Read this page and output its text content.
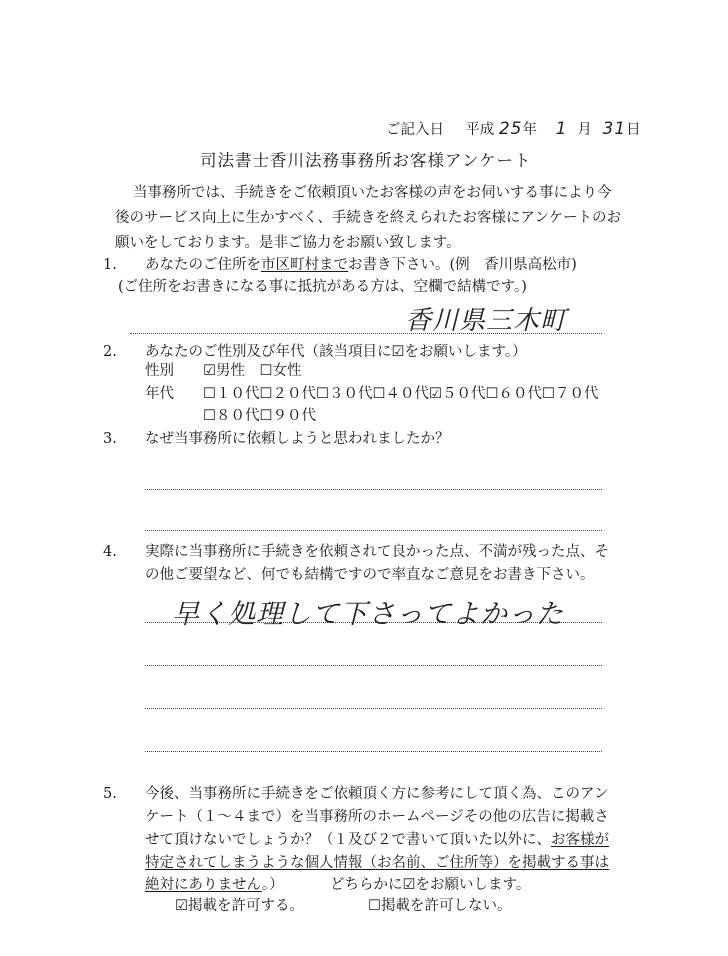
ご記入日 平成 25年 1 月 31日
司法書士香川法務事務所お客様アンケート
当事務所では、手続きをご依頼頂いたお客様の声をお伺いする事により今
後のサービス向上に生かすべく、手続きを終えられたお客様にアンケートのお
願いをしております。是非ご協力をお願い致します。
1. あなたのご住所を市区町村までお書き下さい。(例　香川県高松市)
(ご住所をお書きになる事に抵抗がある方は、空欄で結構です。)
香川県三木町
2. あなたのご性別及び年代（該当項目に☑をお願いします。）
性別 ☑男性　☐女性
年代 ☐１０代☐２０代☐３０代☐４０代☑５０代☐６０代☐７０代
☐８０代☐９０代
3. なぜ当事務所に依頼しようと思われましたか？
4. 実際に当事務所に手続きを依頼されて良かった点、不満が残った点、そ
の他ご要望など、何でも結構ですので率直なご意見をお書き下さい。
早く処理して下さってよかった
5. 今後、当事務所に手続きをご依頼頂く方に参考にして頂く為、このアン
ケート（１～４まで）を当事務所のホームページその他の広告に掲載さ
せて頂けないでしょうか？（１及び２で書いて頂いた以外に、お客様が
特定されてしまうような個人情報（お名前、ご住所等）を掲載する事は
絶対にありません。）	どちらかに☑をお願いします。
☑掲載を許可する。	☐掲載を許可しない。
